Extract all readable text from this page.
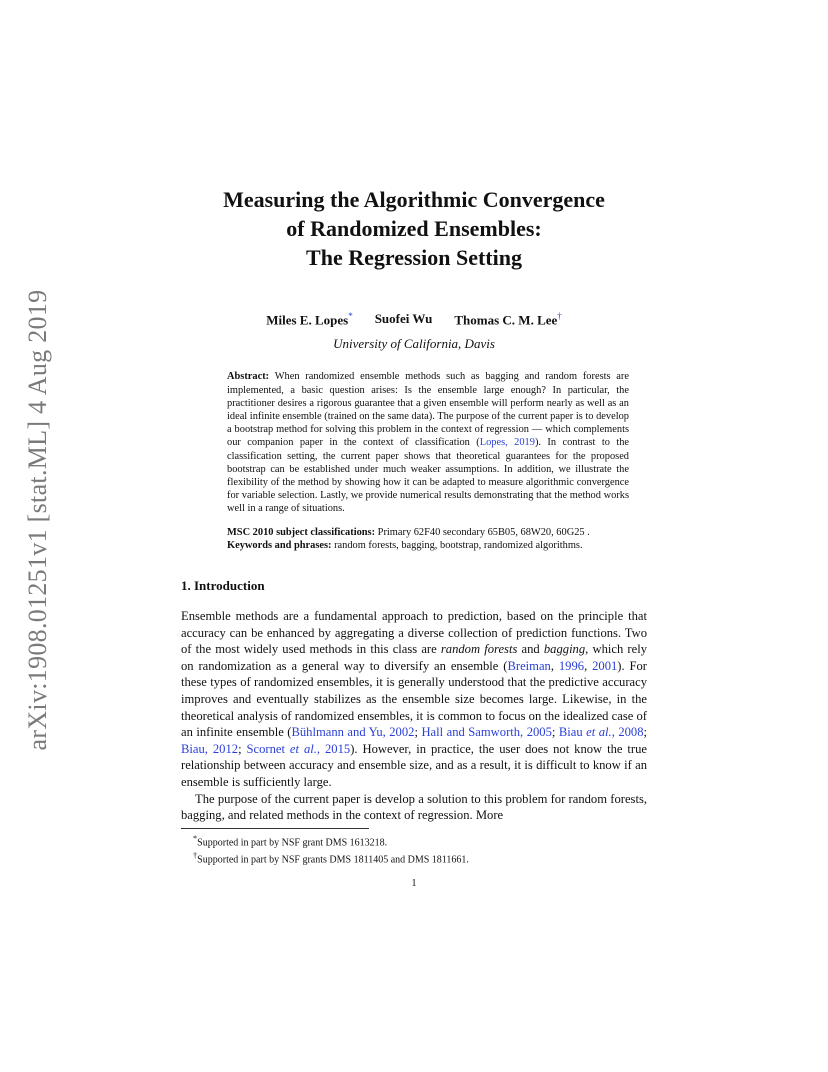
arXiv:1908.01251v1 [stat.ML] 4 Aug 2019
Measuring the Algorithmic Convergence
of Randomized Ensembles:
The Regression Setting
Miles E. Lopes* Suofei Wu Thomas C. M. Lee†
University of California, Davis
Abstract: When randomized ensemble methods such as bagging and random forests are implemented, a basic question arises: Is the ensemble large enough? In particular, the practitioner desires a rigorous guarantee that a given ensemble will perform nearly as well as an ideal infinite ensemble (trained on the same data). The purpose of the current paper is to develop a bootstrap method for solving this problem in the context of regression — which complements our companion paper in the context of classification (Lopes, 2019). In contrast to the classification setting, the current paper shows that theoretical guarantees for the proposed bootstrap can be established under much weaker assumptions. In addition, we illustrate the flexibility of the method by showing how it can be adapted to measure algorithmic convergence for variable selection. Lastly, we provide numerical results demonstrating that the method works well in a range of situations.
MSC 2010 subject classifications: Primary 62F40 secondary 65B05, 68W20, 60G25 .
Keywords and phrases: random forests, bagging, bootstrap, randomized algorithms.
1. Introduction

Ensemble methods are a fundamental approach to prediction, based on the principle that accuracy can be enhanced by aggregating a diverse collection of prediction functions. Two of the most widely used methods in this class are random forests and bagging, which rely on randomization as a general way to diversify an ensemble (Breiman, 1996, 2001). For these types of randomized ensembles, it is generally understood that the predictive accuracy improves and eventually stabilizes as the ensemble size becomes large. Likewise, in the theoretical analysis of randomized ensembles, it is common to focus on the idealized case of an infinite ensemble (Bühlmann and Yu, 2002; Hall and Samworth, 2005; Biau et al., 2008; Biau, 2012; Scornet et al., 2015). However, in practice, the user does not know the true relationship between accuracy and ensemble size, and as a result, it is difficult to know if an ensemble is sufficiently large.

The purpose of the current paper is develop a solution to this problem for random forests, bagging, and related methods in the context of regression. More

*Supported in part by NSF grant DMS 1613218.
†Supported in part by NSF grants DMS 1811405 and DMS 1811661.
1
